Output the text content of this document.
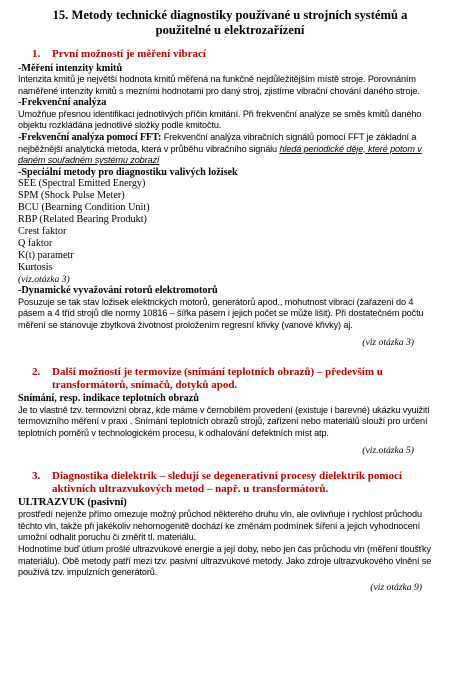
15. Metody technické diagnostiky používané u strojních systémů a použitelné u elektrozařízení
1.	První možností je měření vibrací
-Měření intenzity kmitů
Intenzita kmitů je největší hodnota kmitů měřená na funkčně nejdůležitějším místě stroje. Porovnáním naměřené intenzity kmitů s mezními hodnotami pro daný stroj, zjistíme vibrační chování daného stroje.
-Frekvenční analýza
Umožňue přesnou identifikaci jednotlivých příčin kmitání. Při frekvenční analýze se směs kmitů daného objektu rozkládána jednotlivé složky podle kmitočtu.
-Frekvenční analýza pomocí FFT: Frekvenční analýza vibračních signálů pomocí FFT je základní a nejběžnější analytická metoda, která v průběhu vibračního signálu hledá periodické děje, které potom v daném souřadném systému zobrazí
-Speciální metody pro diagnostiku valivých ložisek
SEE (Spectral Emitted Energy)
SPM (Shock Pulse Meter)
BCU (Bearning Condition Unit)
RBP (Related Bearing Produkt)
Crest faktor
Q faktor
K(t) parametr
Kurtosis
(viz.otázka 3)
-Dynamické vyvažování rotorů elektromotorů
Posuzuje se tak stav ložisek elektrických motorů, generátorů apod., mohutnost vibraci (zařazení do 4 pásem a 4 tříd strojů dle normy 10816 – šířka pásem i jejich počet se může lišit). Při dostatečném počtu měření se stanovuje zbytková životnost proložením regresní křivky (vanové křivky) aj.
(viz otázka 3)
2.	Další možností je termovize (snímání teplotních obrazů) – především u transformátorů, snímačů, dotyků apod.
Snímání, resp. indikace teplotních obrazů
Je to vlastně tzv. termovizní obraz, kde máme v černobílém provedení (existuje i barevné) ukázku vyuižití termovizního měření v praxi . Snímání teplotních obrazů strojů, zařízení nebo materiálů slouží pro určení teplotních poměrů v technologickém procesu, k odhalování defektních míst atp.
(viz.otázka 5)
3.	Diagnostika dielektrik – sledují se degenerativní procesy dielektrik pomocí aktivních ultrazvukových metod – např. u transformátorů.
ULTRAZVUK (pasivní)
prostředí nejenže přímo omezuje možný průchod některého druhu vln, ale ovlivňuje i rychlost průchodu těchto vln, takže při jakékoliv nehomogenitě dochází ke změnám podmínek šíření a jejich vyhodnocení umožní odhalit poruchu či změřit tl. materiálu.
Hodnotíme buď útlum prošlé ultrazvukové energie a její doby, nebo jen čas průchodu vln (měření tloušťky materiálu). Obě metody patří mezi tzv. pasivní ultrazvukové metody. Jako zdroje ultrazvukového vlnění se používá tzv. impulzních generátorů.
(viz otázka 9)
